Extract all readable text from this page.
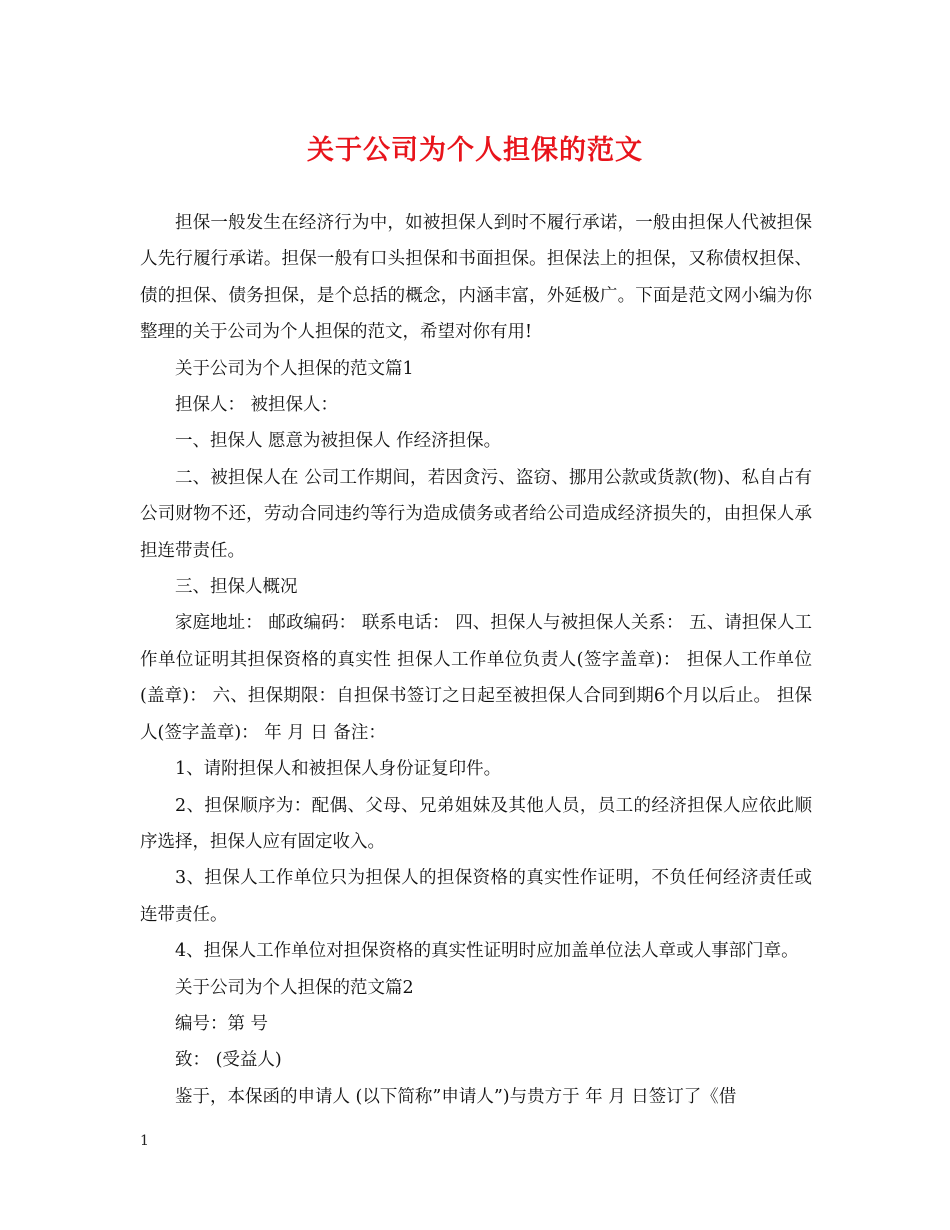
关于公司为个人担保的范文

担保一般发生在经济行为中，如被担保人到时不履行承诺，一般由担保人代被担保人先行履行承诺。担保一般有口头担保和书面担保。担保法上的担保，又称债权担保、债的担保、债务担保，是个总括的概念，内涵丰富，外延极广。下面是范文网小编为你整理的关于公司为个人担保的范文，希望对你有用!

关于公司为个人担保的范文篇1

担保人： 被担保人：

一、担保人 愿意为被担保人 作经济担保。

二、被担保人在 公司工作期间，若因贪污、盗窃、挪用公款或货款(物)、私自占有公司财物不还，劳动合同违约等行为造成债务或者给公司造成经济损失的，由担保人承担连带责任。

三、担保人概况

家庭地址： 邮政编码： 联系电话： 四、担保人与被担保人关系： 五、请担保人工作单位证明其担保资格的真实性 担保人工作单位负责人(签字盖章)： 担保人工作单位(盖章)： 六、担保期限：自担保书签订之日起至被担保人合同到期6个月以后止。 担保人(签字盖章)： 年 月 日 备注：

1、请附担保人和被担保人身份证复印件。

2、担保顺序为：配偶、父母、兄弟姐妹及其他人员，员工的经济担保人应依此顺序选择，担保人应有固定收入。

3、担保人工作单位只为担保人的担保资格的真实性作证明，不负任何经济责任或连带责任。

4、担保人工作单位对担保资格的真实性证明时应加盖单位法人章或人事部门章。

关于公司为个人担保的范文篇2

编号：第 号

致： (受益人)

鉴于，本保函的申请人 (以下简称”申请人”)与贵方于 年 月 日签订了《借

1
